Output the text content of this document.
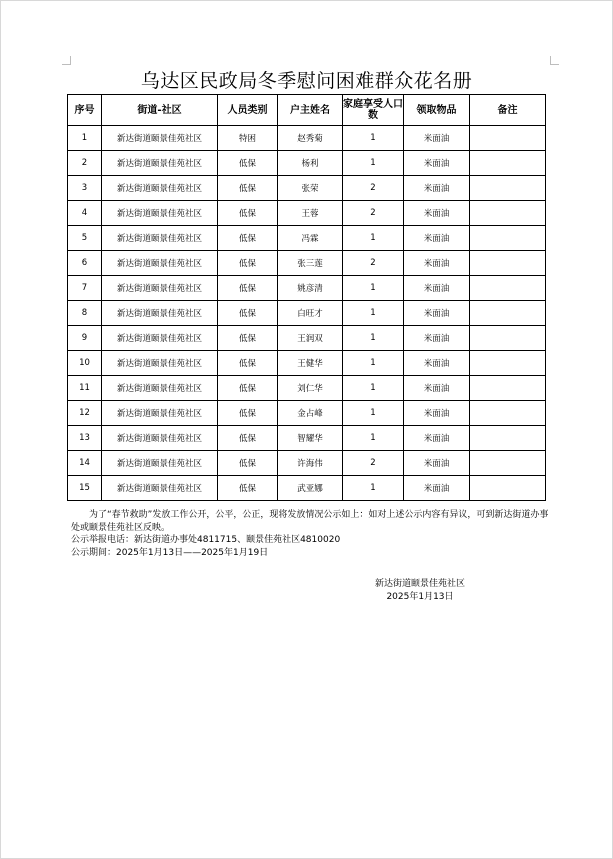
乌达区民政局冬季慰问困难群众花名册
序号	街道-社区	人员类别	户主姓名	家庭享受人口数	领取物品	备注
1	新达街道颐景佳苑社区	特困	赵秀菊	1	米面油	
2	新达街道颐景佳苑社区	低保	杨利	1	米面油	
3	新达街道颐景佳苑社区	低保	张荣	2	米面油	
4	新达街道颐景佳苑社区	低保	王蓉	2	米面油	
5	新达街道颐景佳苑社区	低保	冯霖	1	米面油	
6	新达街道颐景佳苑社区	低保	张三莲	2	米面油	
7	新达街道颐景佳苑社区	低保	姚彦清	1	米面油	
8	新达街道颐景佳苑社区	低保	白旺才	1	米面油	
9	新达街道颐景佳苑社区	低保	王润双	1	米面油	
10	新达街道颐景佳苑社区	低保	王健华	1	米面油	
11	新达街道颐景佳苑社区	低保	刘仁华	1	米面油	
12	新达街道颐景佳苑社区	低保	金占峰	1	米面油	
13	新达街道颐景佳苑社区	低保	智耀华	1	米面油	
14	新达街道颐景佳苑社区	低保	许海伟	2	米面油	
15	新达街道颐景佳苑社区	低保	武亚娜	1	米面油	

为了“春节救助”发放工作公开，公平，公正，现将发放情况公示如上：如对上述公示内容有异议，可到新达街道办事处或颐景佳苑社区反映。

公示举报电话：新达街道办事处4811715、颐景佳苑社区4810020

公示期间：2025年1月13日——2025年1月19日

新达街道颐景佳苑社区
2025年1月13日
